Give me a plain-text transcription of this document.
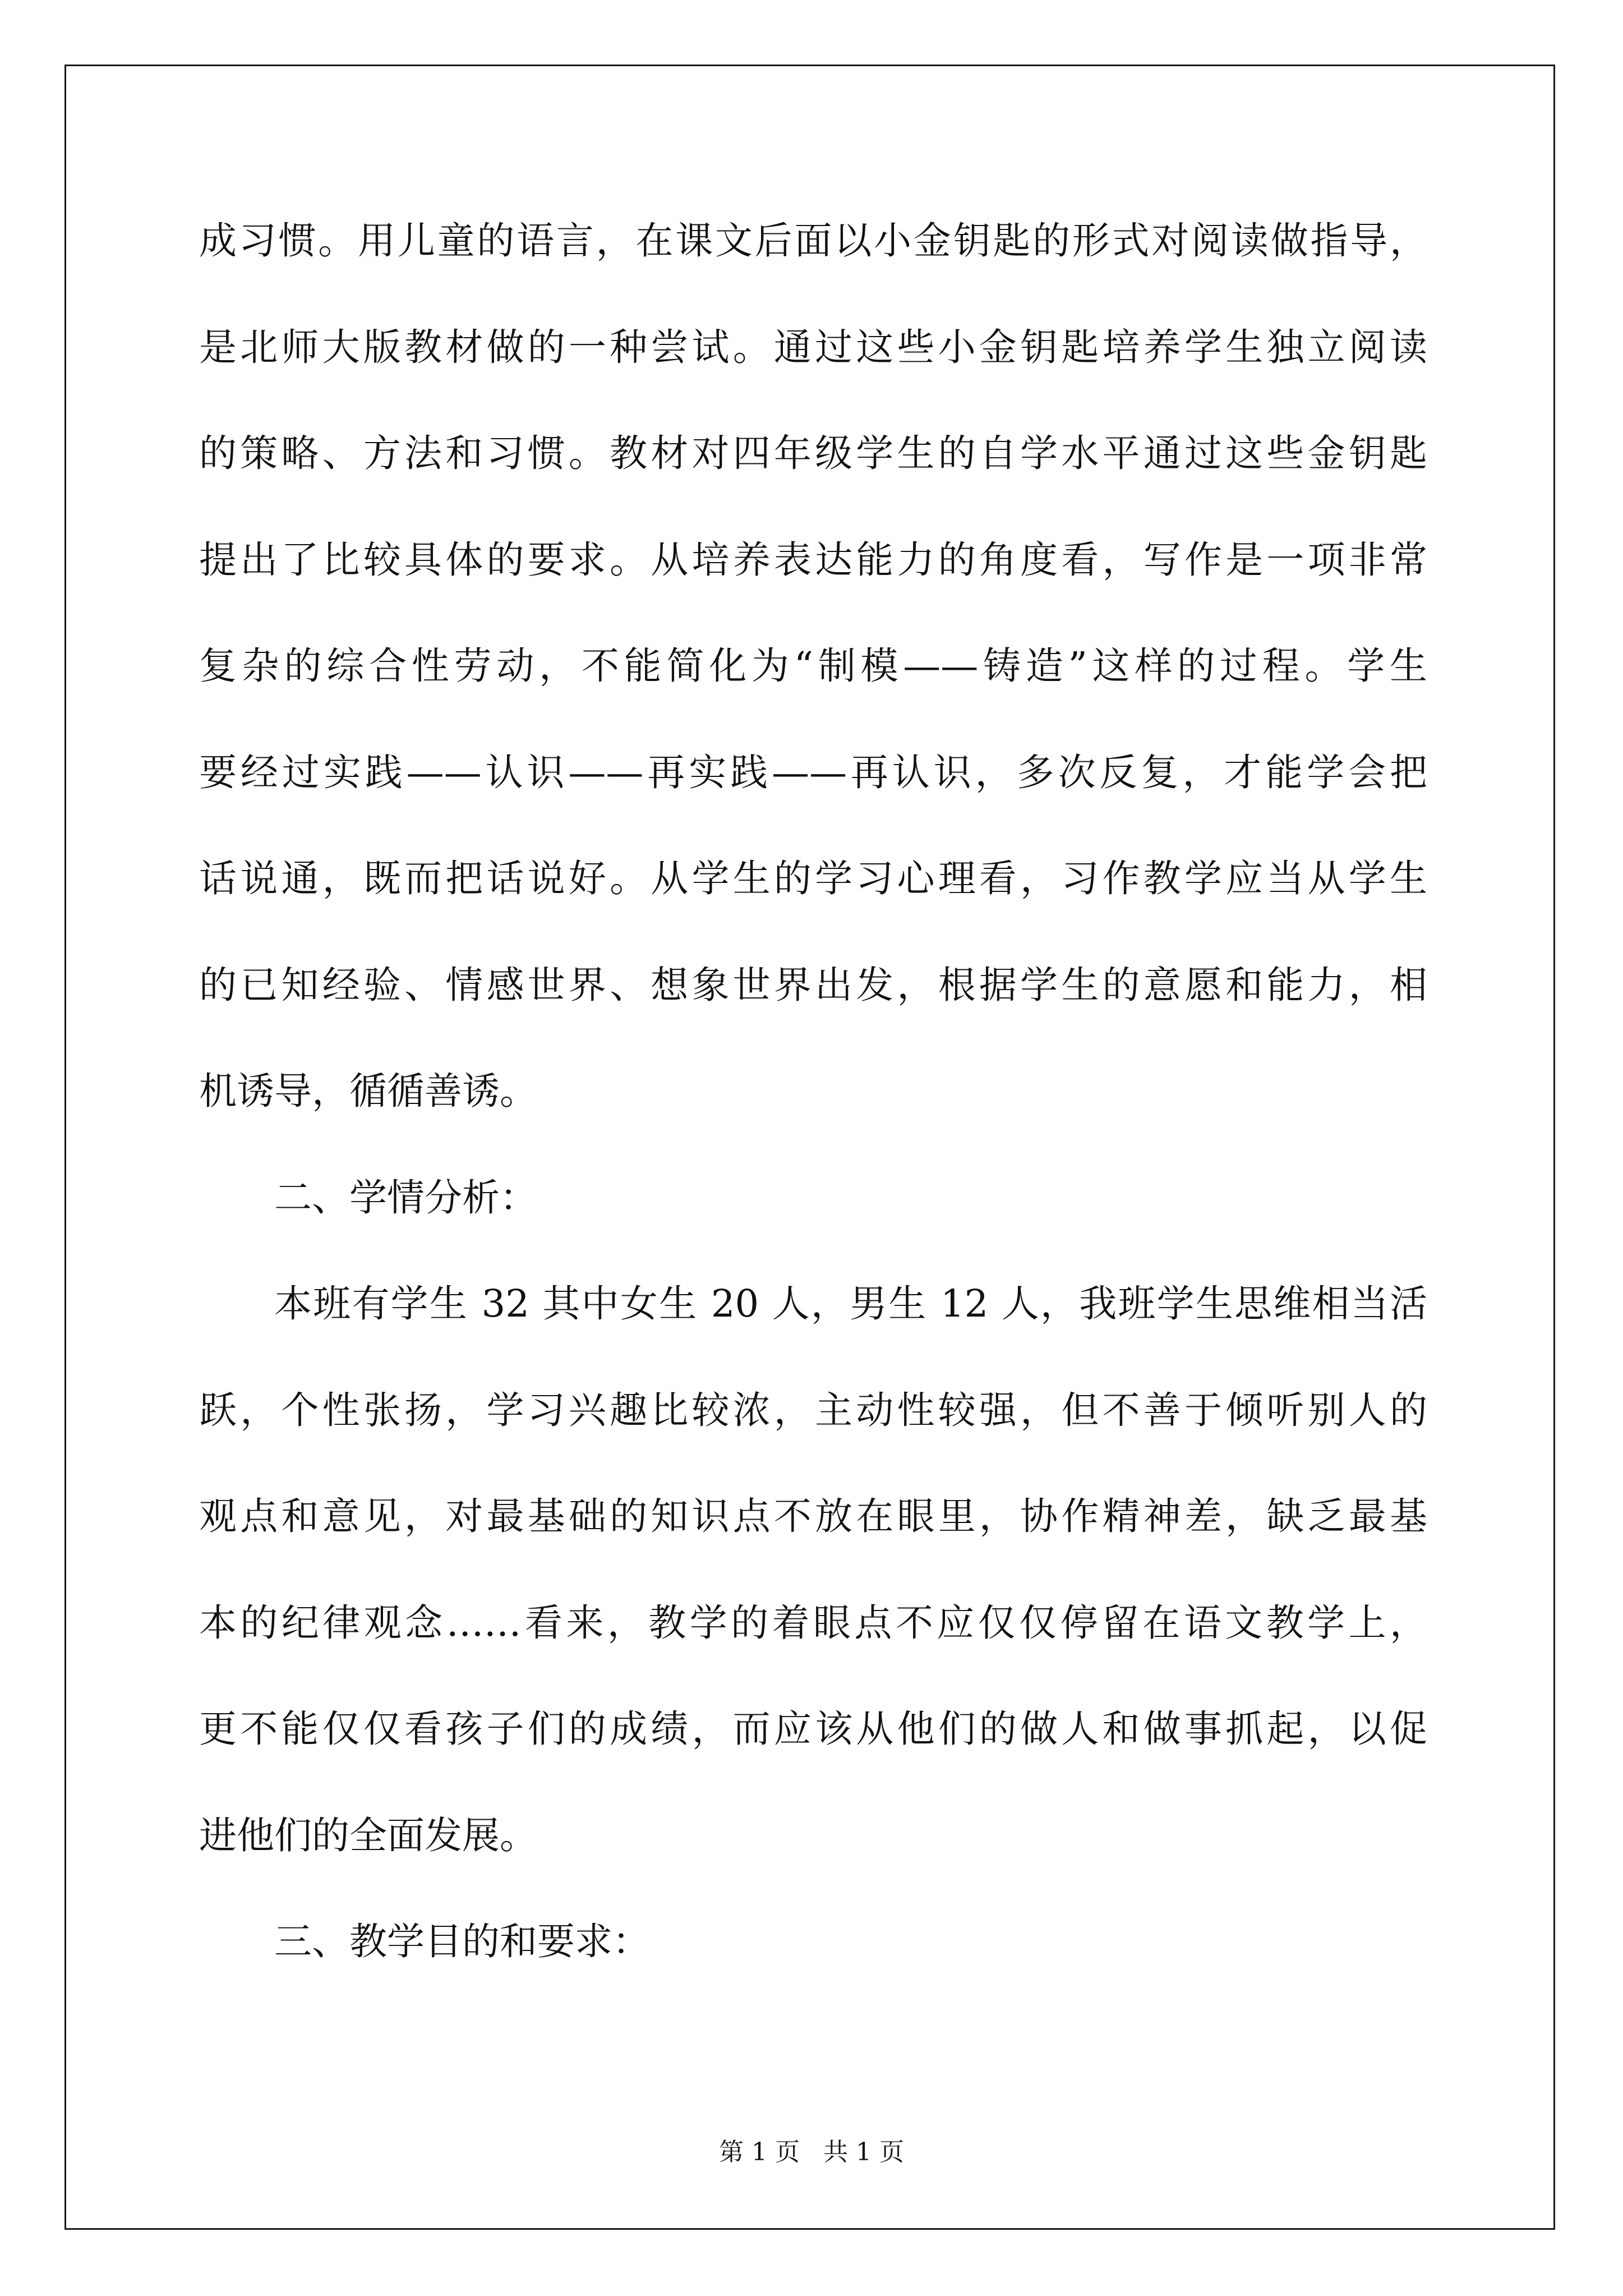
成习惯。用儿童的语言，在课文后面以小金钥匙的形式对阅读做指导，
是北师大版教材做的一种尝试。通过这些小金钥匙培养学生独立阅读
的策略、方法和习惯。教材对四年级学生的自学水平通过这些金钥匙
提出了比较具体的要求。从培养表达能力的角度看，写作是一项非常
复杂的综合性劳动，不能简化为“制模——铸造”这样的过程。学生
要经过实践——认识——再实践——再认识，多次反复，才能学会把
话说通，既而把话说好。从学生的学习心理看，习作教学应当从学生
的已知经验、情感世界、想象世界出发，根据学生的意愿和能力，相
机诱导，循循善诱。
二、学情分析：
本班有学生 32 其中女生 20 人，男生 12 人，我班学生思维相当活
跃，个性张扬，学习兴趣比较浓，主动性较强，但不善于倾听别人的
观点和意见，对最基础的知识点不放在眼里，协作精神差，缺乏最基
本的纪律观念……看来，教学的着眼点不应仅仅停留在语文教学上，
更不能仅仅看孩子们的成绩，而应该从他们的做人和做事抓起，以促
进他们的全面发展。
三、教学目的和要求：
第 1 页 共 1 页
